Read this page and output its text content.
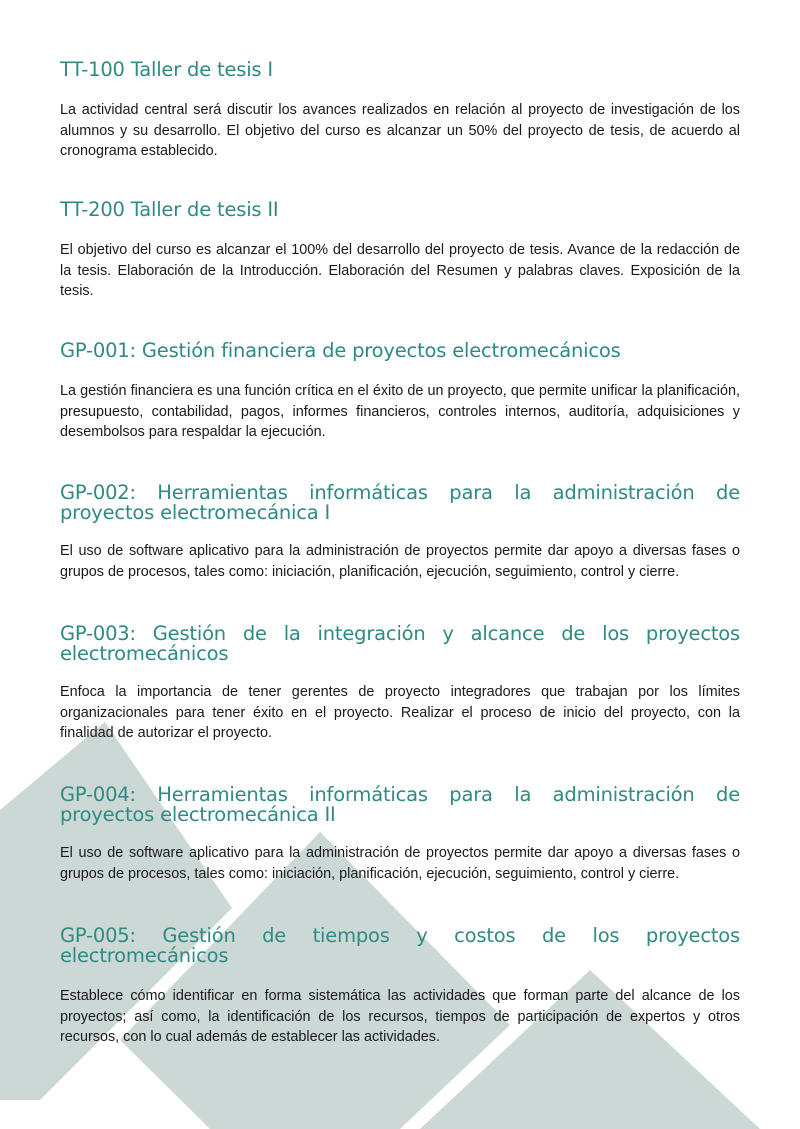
TT-100 Taller de tesis I

La actividad central será discutir los avances realizados en relación al proyecto de investigación de los alumnos y su desarrollo. El objetivo del curso es alcanzar un 50% del proyecto de tesis, de acuerdo al cronograma establecido.

TT-200 Taller de tesis II

El objetivo del curso es alcanzar el 100% del desarrollo del proyecto de tesis. Avance de la redacción de la tesis. Elaboración de la Introducción. Elaboración del Resumen y palabras claves. Exposición de la tesis.

GP-001: Gestión financiera de proyectos electromecánicos

La gestión financiera es una función crítica en el éxito de un proyecto, que permite unificar la planificación, presupuesto, contabilidad, pagos, informes financieros, controles internos, auditoría, adquisiciones y desembolsos para respaldar la ejecución.

GP-002: Herramientas informáticas para la administración de proyectos electromecánica I

El uso de software aplicativo para la administración de proyectos permite dar apoyo a diversas fases o grupos de procesos, tales como: iniciación, planificación, ejecución, seguimiento, control y cierre.

GP-003: Gestión de la integración y alcance de los proyectos electromecánicos

Enfoca la importancia de tener gerentes de proyecto integradores que trabajan por los límites organizacionales para tener éxito en el proyecto. Realizar el proceso de inicio del proyecto, con la finalidad de autorizar el proyecto.

GP-004: Herramientas informáticas para la administración de proyectos electromecánica II

El uso de software aplicativo para la administración de proyectos permite dar apoyo a diversas fases o grupos de procesos, tales como: iniciación, planificación, ejecución, seguimiento, control y cierre.

GP-005: Gestión de tiempos y costos de los proyectos electromecánicos

Establece cómo identificar en forma sistemática las actividades que forman parte del alcance de los proyectos; así como, la identificación de los recursos, tiempos de participación de expertos y otros recursos, con lo cual además de establecer las actividades.
